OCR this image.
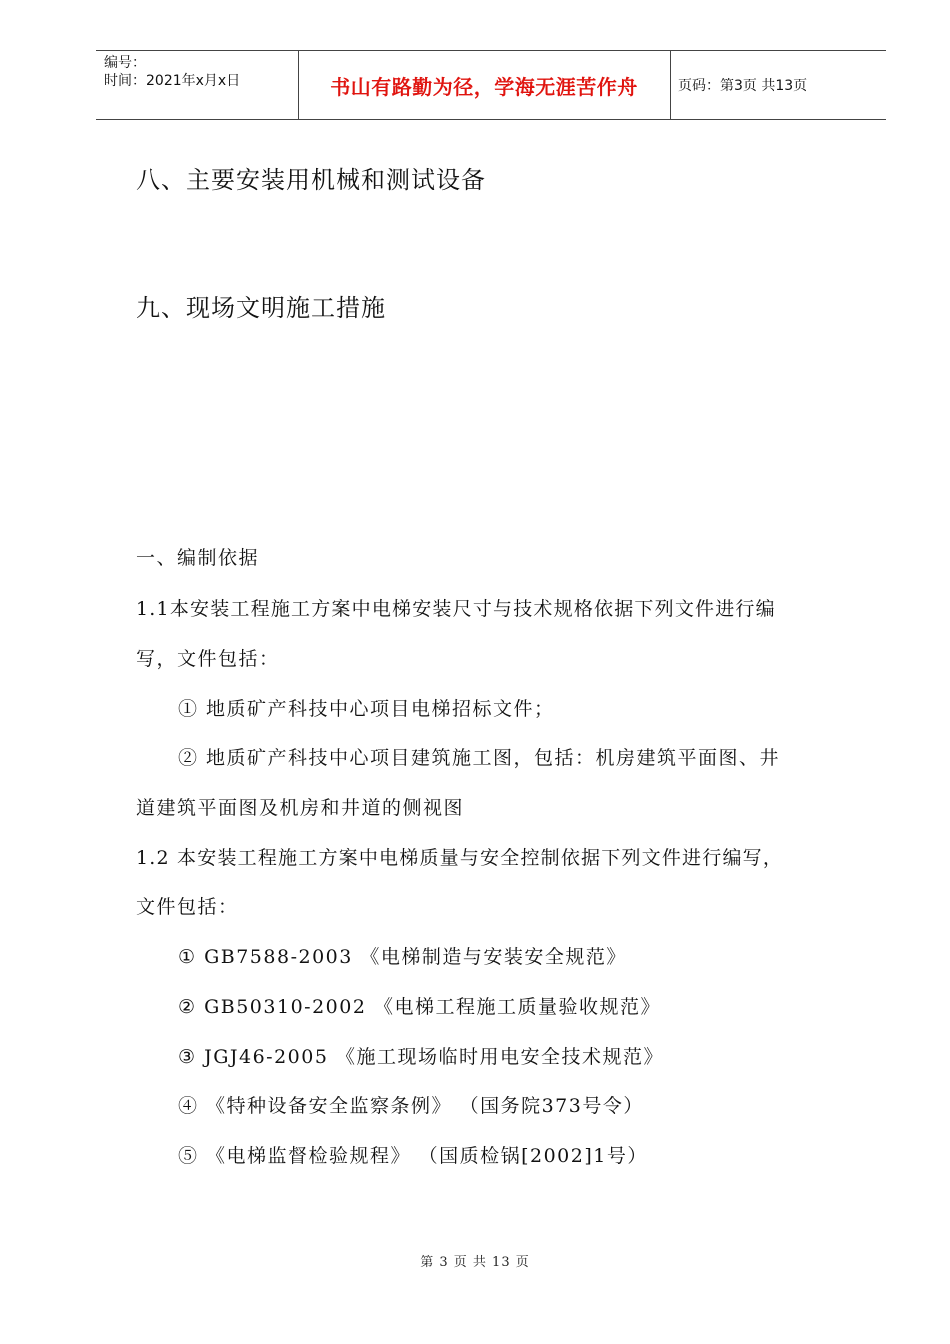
编号：
时间：2021年x月x日	书山有路勤为径，学海无涯苦作舟	页码：第3页 共13页
八、主要安装用机械和测试设备
九、现场文明施工措施
一、编制依据
1.1本安装工程施工方案中电梯安装尺寸与技术规格依据下列文件进行编
写，文件包括：
① 地质矿产科技中心项目电梯招标文件；
② 地质矿产科技中心项目建筑施工图，包括：机房建筑平面图、井
道建筑平面图及机房和井道的侧视图
1.2 本安装工程施工方案中电梯质量与安全控制依据下列文件进行编写，
文件包括：
① GB7588-2003 《电梯制造与安装安全规范》
② GB50310-2002 《电梯工程施工质量验收规范》
③ JGJ46-2005 《施工现场临时用电安全技术规范》
④ 《特种设备安全监察条例》 （国务院373号令）
⑤ 《电梯监督检验规程》 （国质检锅[2002]1号）
第 3 页 共 13 页
